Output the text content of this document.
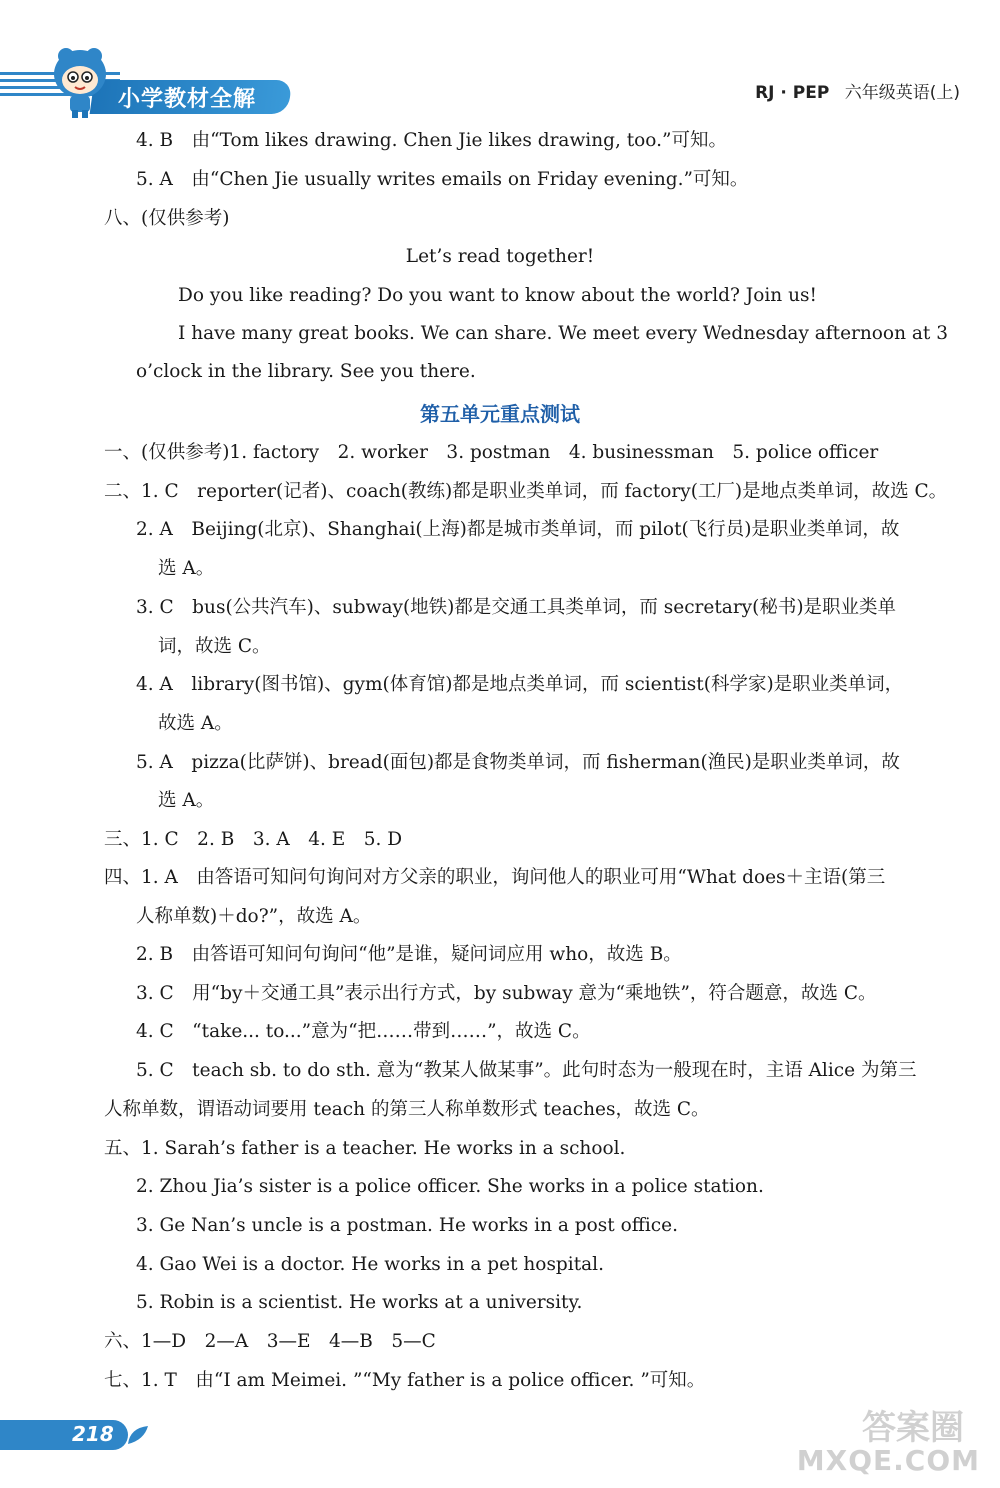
小学教材全解	RJ · PEP 六年级英语(上)
4. B　由“Tom likes drawing. Chen Jie likes drawing, too.”可知。
5. A　由“Chen Jie usually writes emails on Friday evening.”可知。
八、(仅供参考)
Let’s read together!
Do you like reading? Do you want to know about the world? Join us!
I have many great books. We can share. We meet every Wednesday afternoon at 3
o’clock in the library. See you there.
第五单元重点测试
一、(仅供参考)1. factory　2. worker　3. postman　4. businessman　5. police officer
二、1. C　reporter(记者)、coach(教练)都是职业类单词，而 factory(工厂)是地点类单词，故选 C。
2. A　Beijing(北京)、Shanghai(上海)都是城市类单词，而 pilot(飞行员)是职业类单词，故
选 A。
3. C　bus(公共汽车)、subway(地铁)都是交通工具类单词，而 secretary(秘书)是职业类单
词，故选 C。
4. A　library(图书馆)、gym(体育馆)都是地点类单词，而 scientist(科学家)是职业类单词，
故选 A。
5. A　pizza(比萨饼)、bread(面包)都是食物类单词，而 fisherman(渔民)是职业类单词，故
选 A。
三、1. C　2. B　3. A　4. E　5. D
四、1. A　由答语可知问句询问对方父亲的职业，询问他人的职业可用“What does＋主语(第三
人称单数)＋do?”，故选 A。
2. B　由答语可知问句询问“他”是谁，疑问词应用 who，故选 B。
3. C　用“by＋交通工具”表示出行方式，by subway 意为“乘地铁”，符合题意，故选 C。
4. C　“take... to...”意为“把……带到……”，故选 C。
5. C　teach sb. to do sth. 意为“教某人做某事”。此句时态为一般现在时，主语 Alice 为第三
人称单数，谓语动词要用 teach 的第三人称单数形式 teaches，故选 C。
五、1. Sarah’s father is a teacher. He works in a school.
2. Zhou Jia’s sister is a police officer. She works in a police station.
3. Ge Nan’s uncle is a postman. He works in a post office.
4. Gao Wei is a doctor. He works in a pet hospital.
5. Robin is a scientist. He works at a university.
六、1—D　2—A　3—E　4—B　5—C
七、1. T　由“I am Meimei. ”“My father is a police officer. ”可知。
218	答案圈
MXQE.COM
